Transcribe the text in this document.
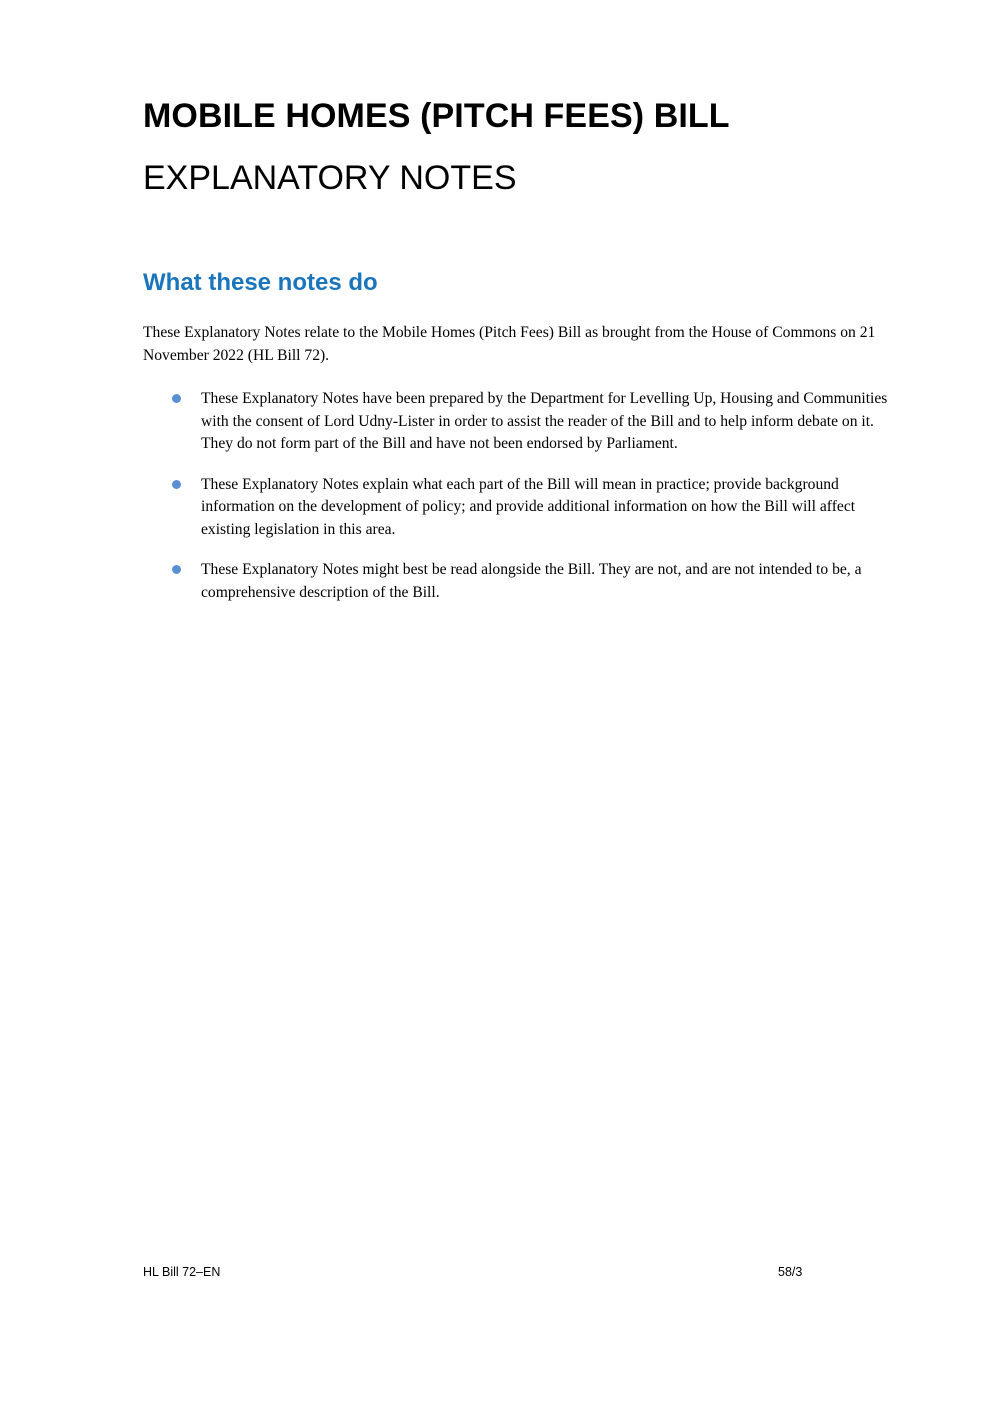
MOBILE HOMES (PITCH FEES) BILL
EXPLANATORY NOTES
What these notes do

These Explanatory Notes relate to the Mobile Homes (Pitch Fees) Bill as brought from the House of Commons on 21 November 2022 (HL Bill 72).

These Explanatory Notes have been prepared by the Department for Levelling Up, Housing and Communities with the consent of Lord Udny-Lister in order to assist the reader of the Bill and to help inform debate on it. They do not form part of the Bill and have not been endorsed by Parliament.
These Explanatory Notes explain what each part of the Bill will mean in practice; provide background information on the development of policy; and provide additional information on how the Bill will affect existing legislation in this area.
These Explanatory Notes might best be read alongside the Bill. They are not, and are not intended to be, a comprehensive description of the Bill.

HL Bill 72–EN	58/3
